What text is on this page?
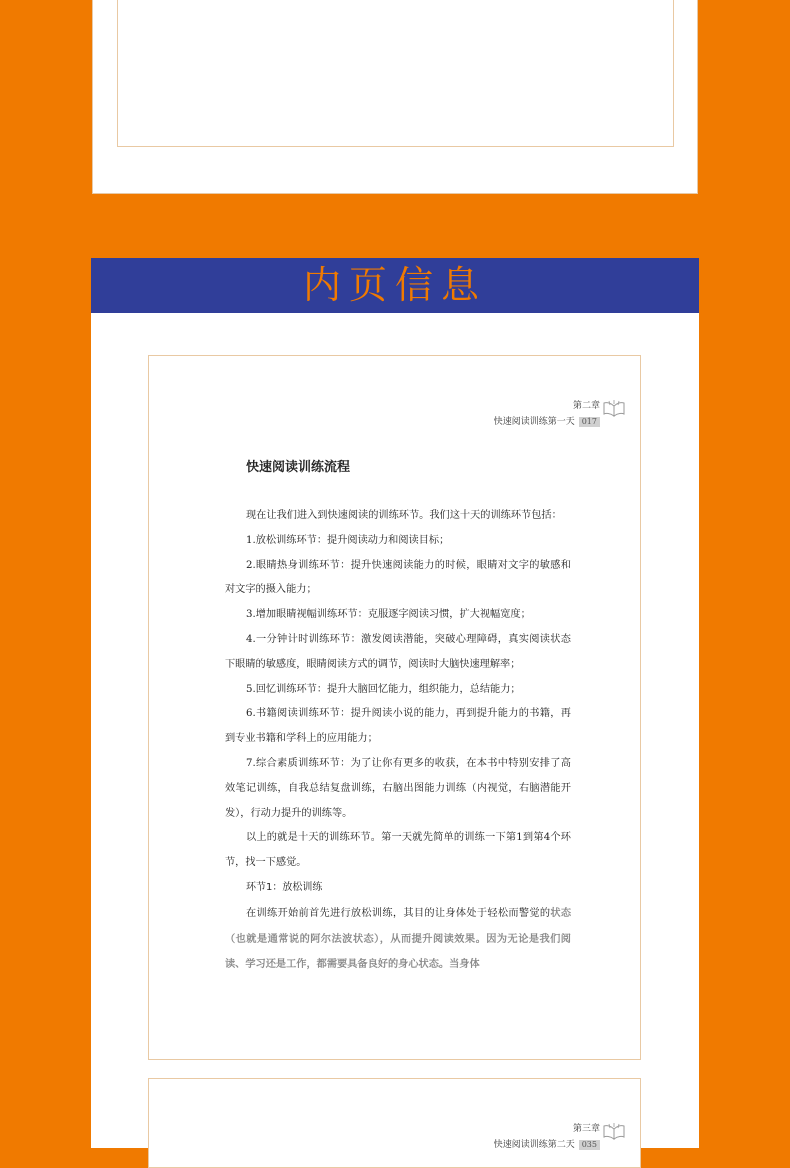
内页信息
第二章
快速阅读训练第一天 017
快速阅读训练流程

现在让我们进入到快速阅读的训练环节。我们这十天的训练环节包括：

1.放松训练环节：提升阅读动力和阅读目标；

2.眼睛热身训练环节：提升快速阅读能力的时候，眼睛对文字的敏感和对文字的摄入能力；

3.增加眼睛视幅训练环节：克服逐字阅读习惯，扩大视幅宽度；

4.一分钟计时训练环节：激发阅读潜能，突破心理障碍，真实阅读状态下眼睛的敏感度，眼睛阅读方式的调节，阅读时大脑快速理解率；

5.回忆训练环节：提升大脑回忆能力，组织能力，总结能力；

6.书籍阅读训练环节：提升阅读小说的能力，再到提升能力的书籍，再到专业书籍和学科上的应用能力；

7.综合素质训练环节：为了让你有更多的收获，在本书中特别安排了高效笔记训练，自我总结复盘训练，右脑出图能力训练（内视觉，右脑潜能开发），行动力提升的训练等。

以上的就是十天的训练环节。第一天就先简单的训练一下第1到第4个环节，找一下感觉。

环节1：放松训练

在训练开始前首先进行放松训练，其目的让身体处于轻松而警觉的状态（也就是通常说的阿尔法波状态），从而提升阅读效果。因为无论是我们阅读、学习还是工作，都需要具备良好的身心状态。当身体

第三章
快速阅读训练第二天 035
